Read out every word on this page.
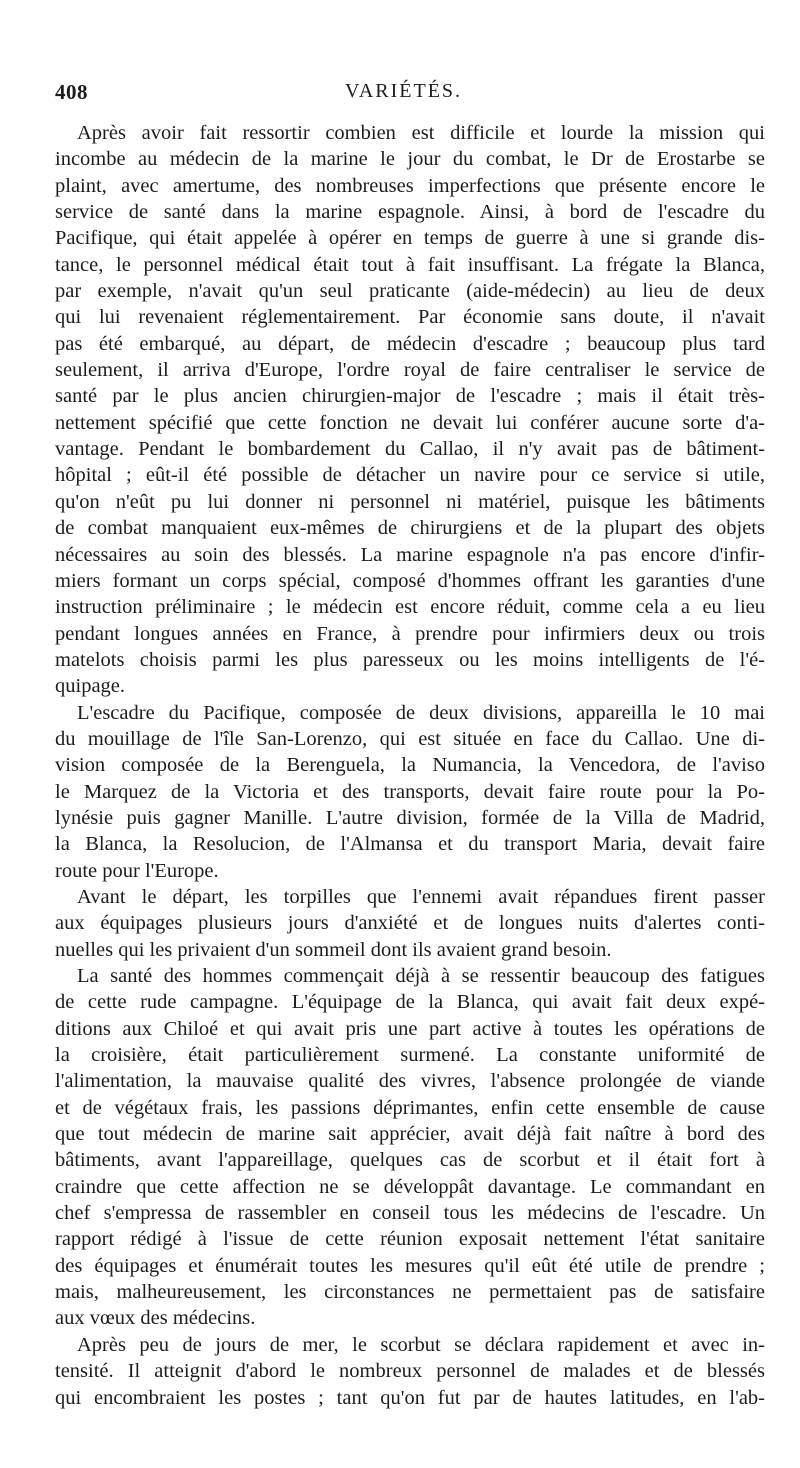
408	VARIÉTÉS.
Après avoir fait ressortir combien est difficile et lourde la mission qui
incombe au médecin de la marine le jour du combat, le Dr de Erostarbe se
plaint, avec amertume, des nombreuses imperfections que présente encore le
service de santé dans la marine espagnole. Ainsi, à bord de l'escadre du
Pacifique, qui était appelée à opérer en temps de guerre à une si grande dis-
tance, le personnel médical était tout à fait insuffisant. La frégate la Blanca,
par exemple, n'avait qu'un seul praticante (aide-médecin) au lieu de deux
qui lui revenaient réglementairement. Par économie sans doute, il n'avait
pas été embarqué, au départ, de médecin d'escadre ; beaucoup plus tard
seulement, il arriva d'Europe, l'ordre royal de faire centraliser le service de
santé par le plus ancien chirurgien-major de l'escadre ; mais il était très-
nettement spécifié que cette fonction ne devait lui conférer aucune sorte d'a-
vantage. Pendant le bombardement du Callao, il n'y avait pas de bâtiment-
hôpital ; eût-il été possible de détacher un navire pour ce service si utile,
qu'on n'eût pu lui donner ni personnel ni matériel, puisque les bâtiments
de combat manquaient eux-mêmes de chirurgiens et de la plupart des objets
nécessaires au soin des blessés. La marine espagnole n'a pas encore d'infir-
miers formant un corps spécial, composé d'hommes offrant les garanties d'une
instruction préliminaire ; le médecin est encore réduit, comme cela a eu lieu
pendant longues années en France, à prendre pour infirmiers deux ou trois
matelots choisis parmi les plus paresseux ou les moins intelligents de l'é-
quipage.
L'escadre du Pacifique, composée de deux divisions, appareilla le 10 mai
du mouillage de l'île San-Lorenzo, qui est située en face du Callao. Une di-
vision composée de la Berenguela, la Numancia, la Vencedora, de l'aviso
le Marquez de la Victoria et des transports, devait faire route pour la Po-
lynésie puis gagner Manille. L'autre division, formée de la Villa de Madrid,
la Blanca, la Resolucion, de l'Almansa et du transport Maria, devait faire
route pour l'Europe.
Avant le départ, les torpilles que l'ennemi avait répandues firent passer
aux équipages plusieurs jours d'anxiété et de longues nuits d'alertes conti-
nuelles qui les privaient d'un sommeil dont ils avaient grand besoin.
La santé des hommes commençait déjà à se ressentir beaucoup des fatigues
de cette rude campagne. L'équipage de la Blanca, qui avait fait deux expé-
ditions aux Chiloé et qui avait pris une part active à toutes les opérations de
la croisière, était particulièrement surmené. La constante uniformité de
l'alimentation, la mauvaise qualité des vivres, l'absence prolongée de viande
et de végétaux frais, les passions déprimantes, enfin cette ensemble de cause
que tout médecin de marine sait apprécier, avait déjà fait naître à bord des
bâtiments, avant l'appareillage, quelques cas de scorbut et il était fort à
craindre que cette affection ne se développât davantage. Le commandant en
chef s'empressa de rassembler en conseil tous les médecins de l'escadre. Un
rapport rédigé à l'issue de cette réunion exposait nettement l'état sanitaire
des équipages et énumérait toutes les mesures qu'il eût été utile de prendre ;
mais, malheureusement, les circonstances ne permettaient pas de satisfaire
aux vœux des médecins.
Après peu de jours de mer, le scorbut se déclara rapidement et avec in-
tensité. Il atteignit d'abord le nombreux personnel de malades et de blessés
qui encombraient les postes ; tant qu'on fut par de hautes latitudes, en l'ab-
